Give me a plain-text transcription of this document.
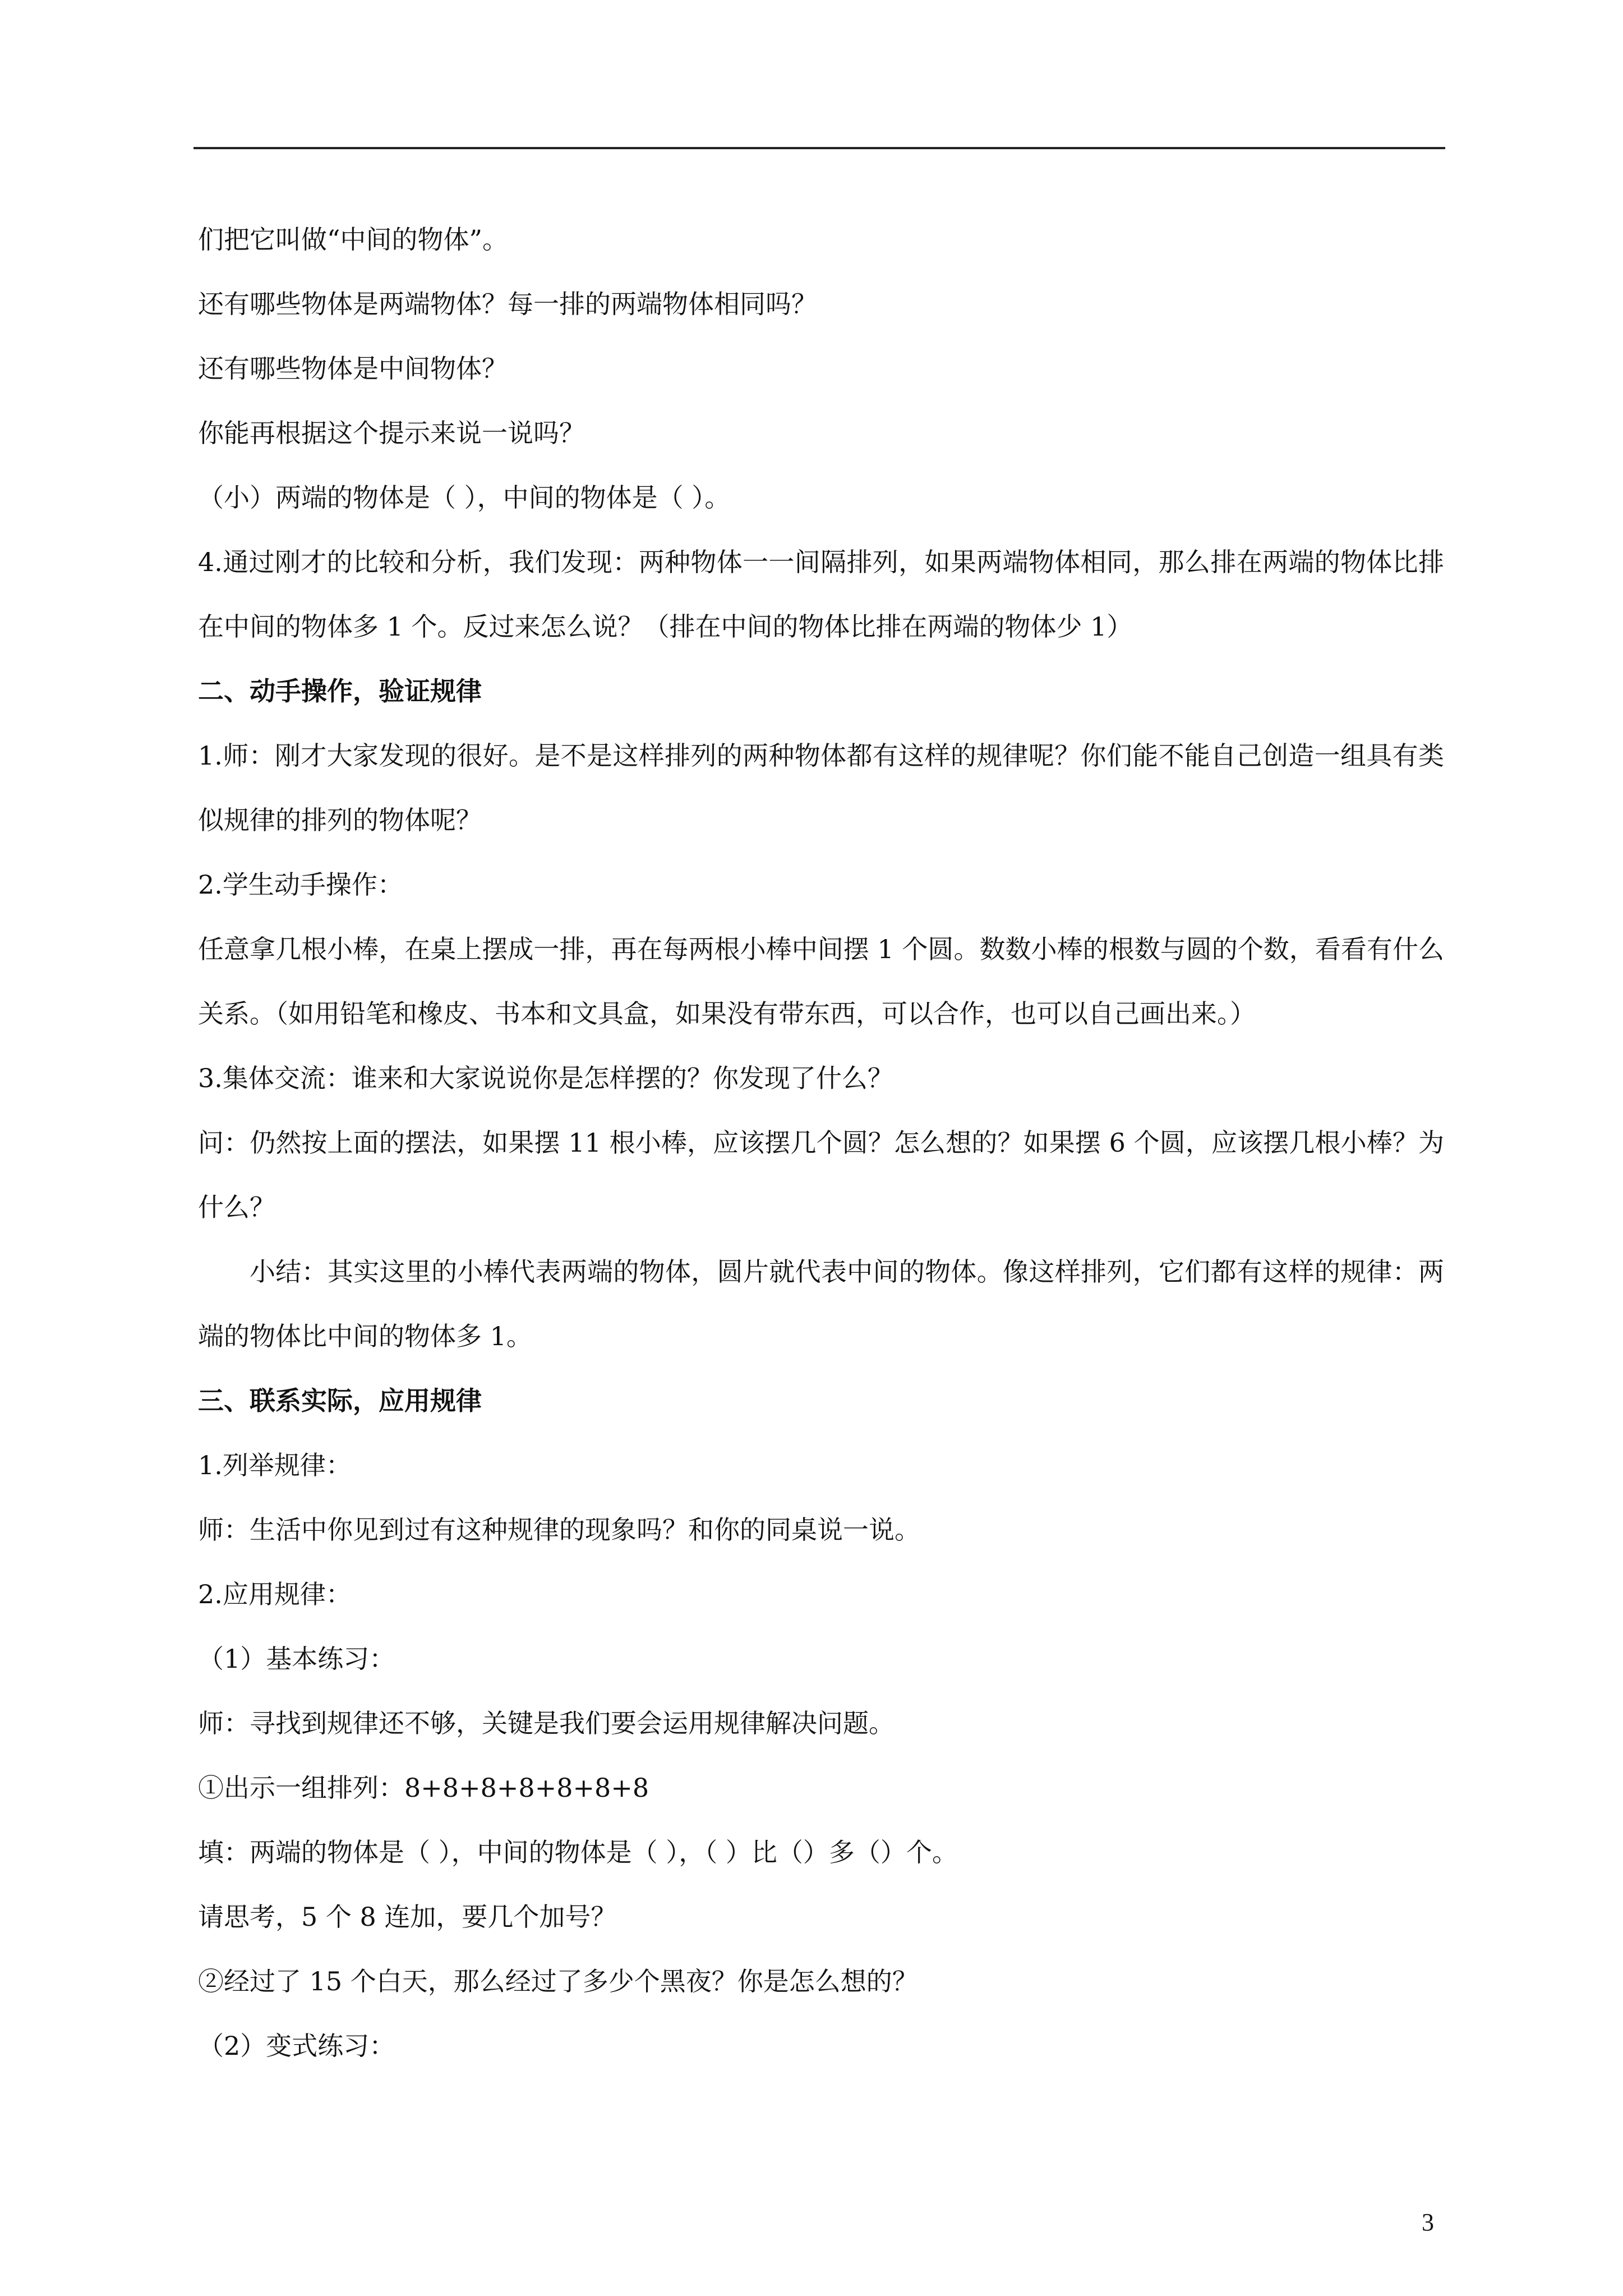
们把它叫做“中间的物体”。

还有哪些物体是两端物体？每一排的两端物体相同吗？

还有哪些物体是中间物体？

你能再根据这个提示来说一说吗？

（小）两端的物体是（ ），中间的物体是（ ）。

4.通过刚才的比较和分析，我们发现：两种物体一一间隔排列，如果两端物体相同，那么排在两端的物体比排在中间的物体多 1 个。反过来怎么说？（排在中间的物体比排在两端的物体少 1）

二、动手操作，验证规律

1.师：刚才大家发现的很好。是不是这样排列的两种物体都有这样的规律呢？你们能不能自己创造一组具有类似规律的排列的物体呢？

2.学生动手操作：

任意拿几根小棒，在桌上摆成一排，再在每两根小棒中间摆 1 个圆。数数小棒的根数与圆的个数，看看有什么关系。（如用铅笔和橡皮、书本和文具盒，如果没有带东西，可以合作，也可以自己画出来。）

3.集体交流：谁来和大家说说你是怎样摆的？你发现了什么？

问：仍然按上面的摆法，如果摆 11 根小棒，应该摆几个圆？怎么想的？如果摆 6 个圆，应该摆几根小棒？为什么？

小结：其实这里的小棒代表两端的物体，圆片就代表中间的物体。像这样排列，它们都有这样的规律：两端的物体比中间的物体多 1。

三、联系实际，应用规律

1.列举规律：

师：生活中你见到过有这种规律的现象吗？和你的同桌说一说。

2.应用规律：

（1）基本练习：

师：寻找到规律还不够，关键是我们要会运用规律解决问题。

①出示一组排列：8+8+8+8+8+8+8

填：两端的物体是（ ），中间的物体是（ ），（ ）比（）多（）个。

请思考，5 个 8 连加，要几个加号？

②经过了 15 个白天，那么经过了多少个黑夜？你是怎么想的？

（2）变式练习：

3
